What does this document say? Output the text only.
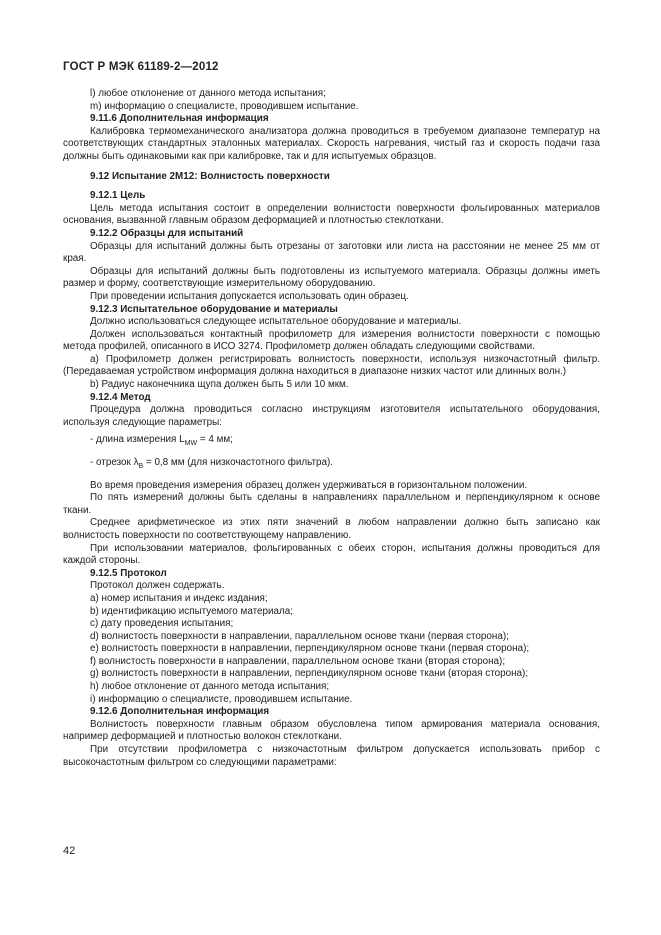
ГОСТ Р МЭК 61189-2—2012

l) любое отклонение от данного метода испытания;

m) информацию о специалисте, проводившем испытание.

9.11.6 Дополнительная информация

Калибровка термомеханического анализатора должна проводиться в требуемом диапазоне температур на соответствующих стандартных эталонных материалах. Скорость нагревания, чистый газ и скорость подачи газа должны быть одинаковыми как при калибровке, так и для испытуемых образцов.

9.12 Испытание 2M12: Волнистость поверхности

9.12.1 Цель

Цель метода испытания состоит в определении волнистости поверхности фольгированных материалов основания, вызванной главным образом деформацией и плотностью стеклоткани.

9.12.2 Образцы для испытаний

Образцы для испытаний должны быть отрезаны от заготовки или листа на расстоянии не менее 25 мм от края.

Образцы для испытаний должны быть подготовлены из испытуемого материала. Образцы должны иметь размер и форму, соответствующие измерительному оборудованию.

При проведении испытания допускается использовать один образец.

9.12.3 Испытательное оборудование и материалы

Должно использоваться следующее испытательное оборудование и материалы.

Должен использоваться контактный профилометр для измерения волнистости поверхности с помощью метода профилей, описанного в ИСО 3274. Профилометр должен обладать следующими свойствами.

a) Профилометр должен регистрировать волнистость поверхности, используя низкочастотный фильтр. (Передаваемая устройством информация должна находиться в диапазоне низких частот или длинных волн.)

b) Радиус наконечника щупа должен быть 5 или 10 мкм.

9.12.4 Метод

Процедура должна проводиться согласно инструкциям изготовителя испытательного оборудования, используя следующие параметры:

- длина измерения $L_{MW} = 4$ мм;

- отрезок $\lambda_B = 0,8$ мм (для низкочастотного фильтра).

Во время проведения измерения образец должен удерживаться в горизонтальном положении.

По пять измерений должны быть сделаны в направлениях параллельном и перпендикулярном к основе ткани.

Среднее арифметическое из этих пяти значений в любом направлении должно быть записано как волнистость поверхности по соответствующему направлению.

При использовании материалов, фольгированных с обеих сторон, испытания должны проводиться для каждой стороны.

9.12.5 Протокол

Протокол должен содержать.

a) номер испытания и индекс издания;

b) идентификацию испытуемого материала;

c) дату проведения испытания;

d) волнистость поверхности в направлении, параллельном основе ткани (первая сторона);

e) волнистость поверхности в направлении, перпендикулярном основе ткани (первая сторона);

f) волнистость поверхности в направлении, параллельном основе ткани (вторая сторона);

g) волнистость поверхности в направлении, перпендикулярном основе ткани (вторая сторона);

h) любое отклонение от данного метода испытания;

i) информацию о специалисте, проводившем испытание.

9.12.6 Дополнительная информация

Волнистость поверхности главным образом обусловлена типом армирования материала основания, например деформацией и плотностью волокон стеклоткани.

При отсутствии профилометра с низкочастотным фильтром допускается использовать прибор с высокочастотным фильтром со следующими параметрами:

42
